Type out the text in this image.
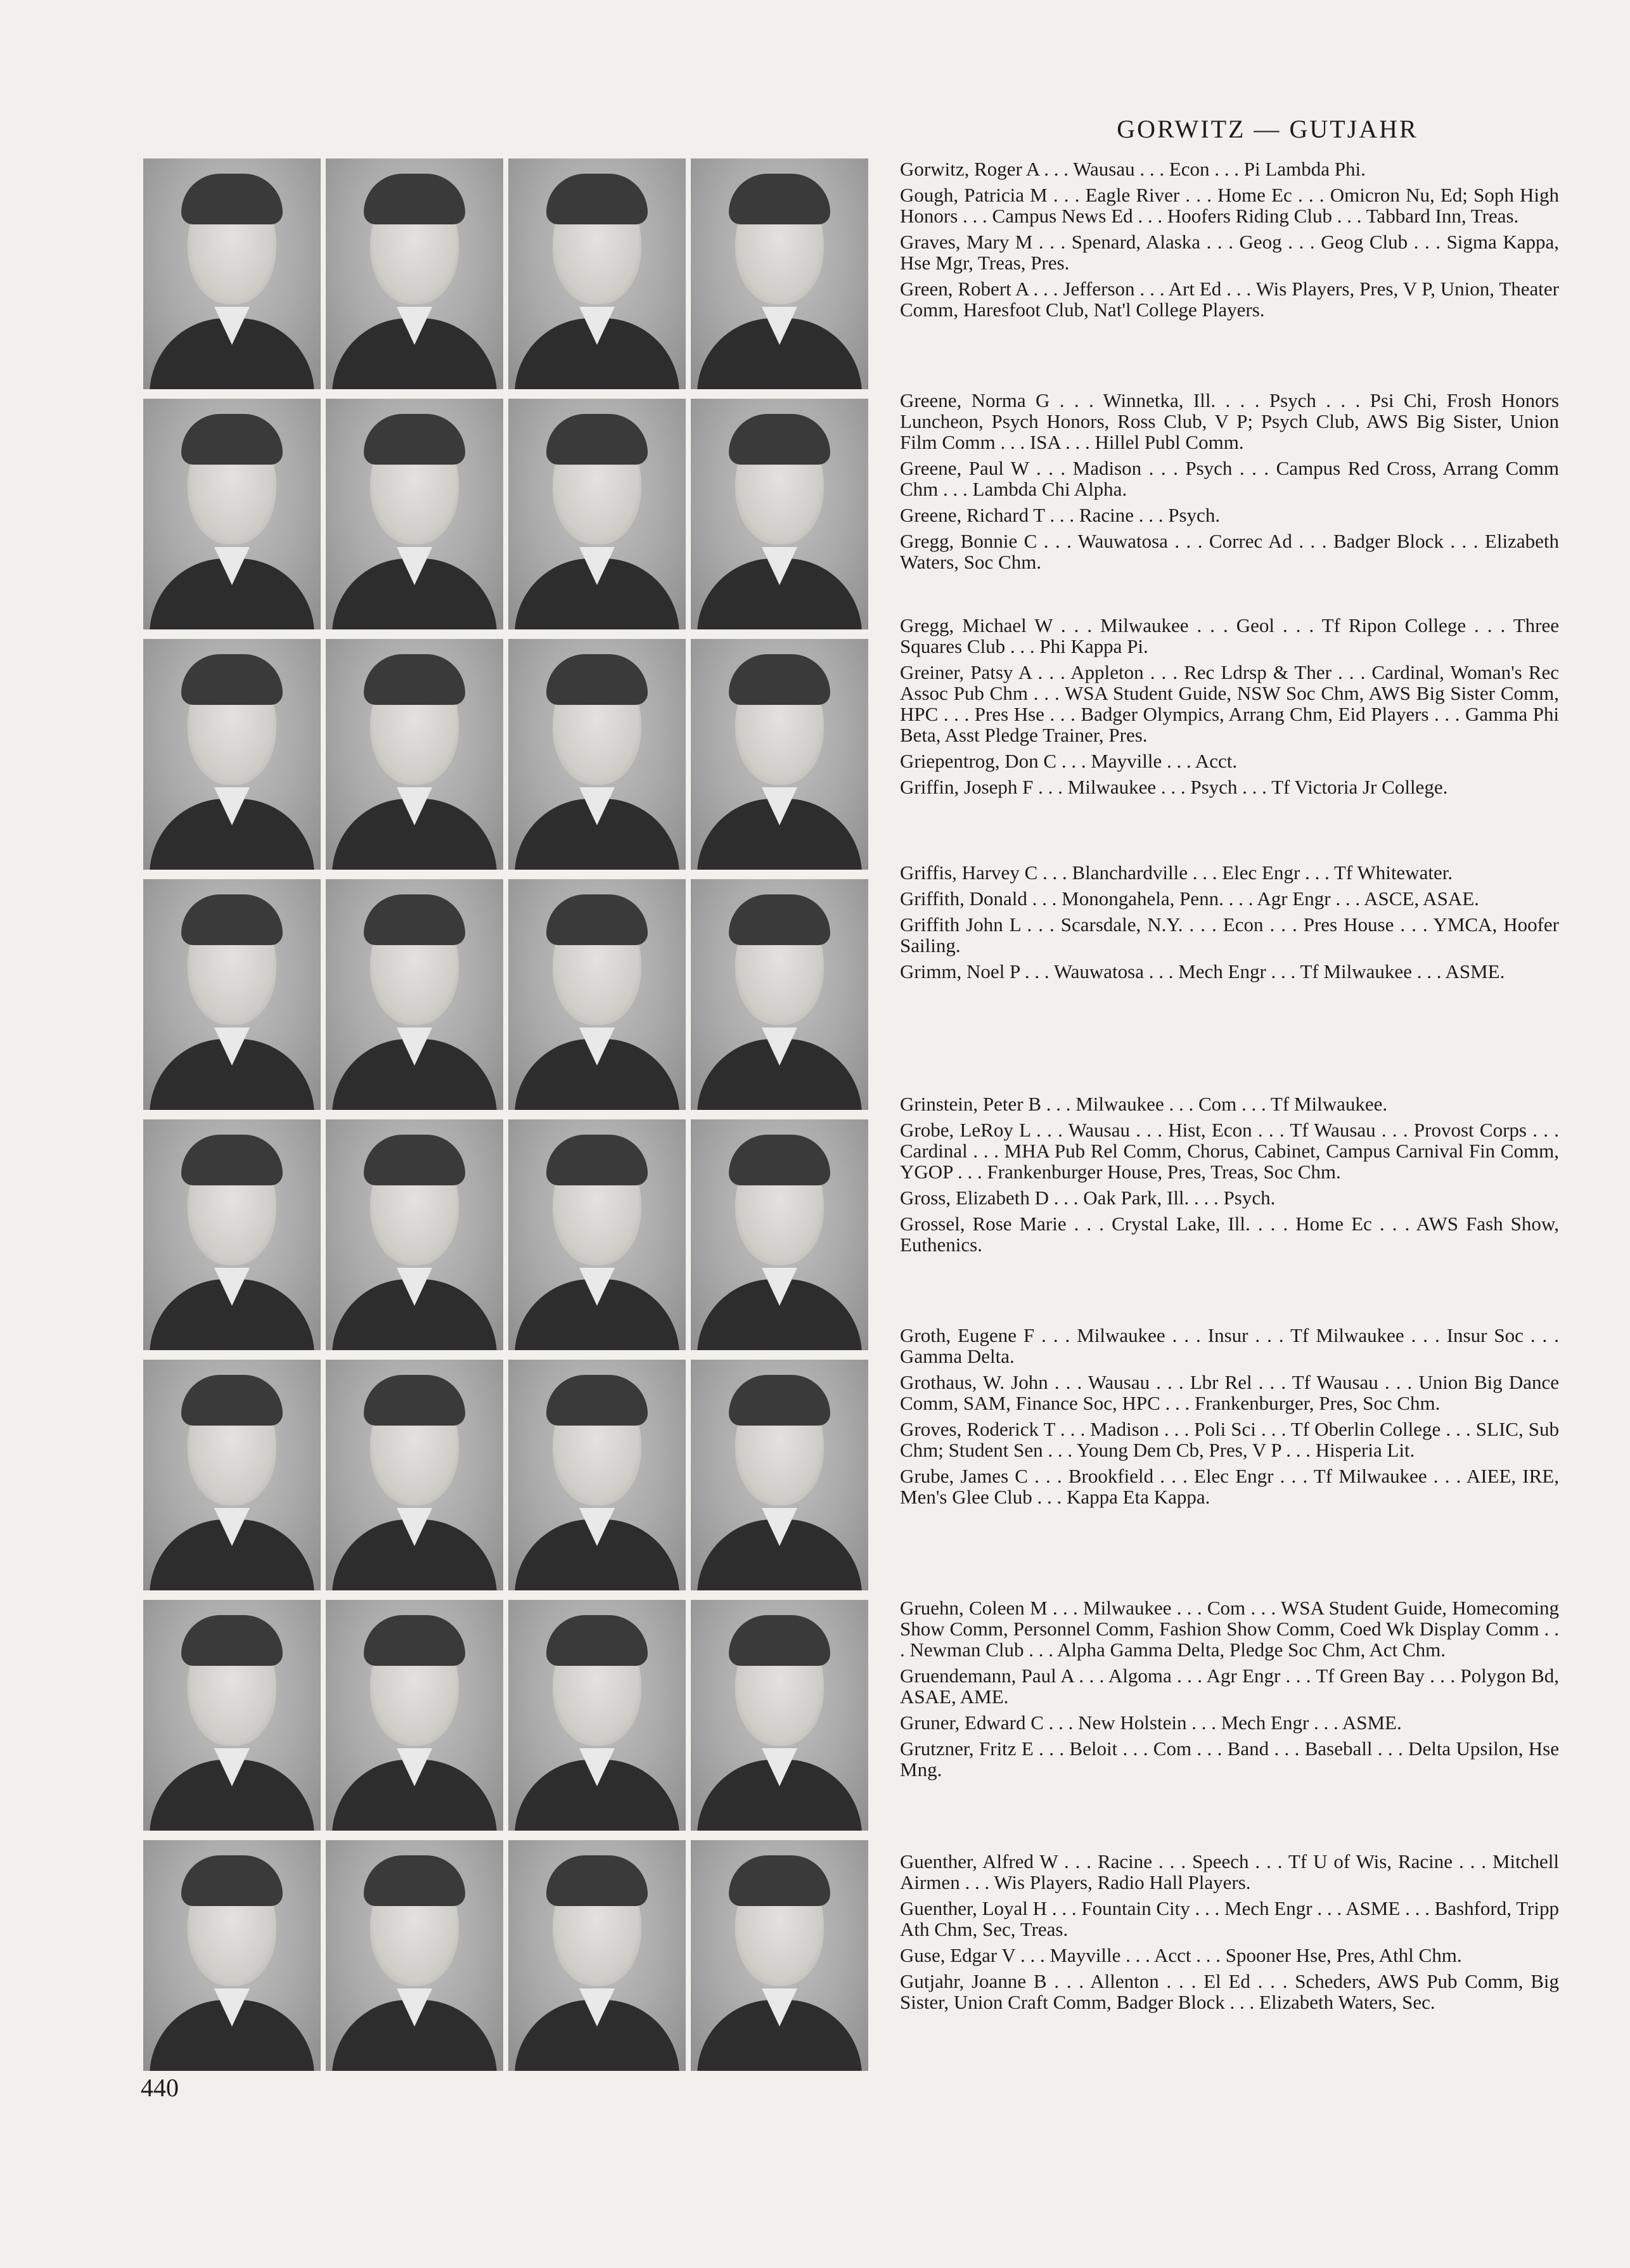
GORWITZ — GUTJAHR

Gorwitz, Roger A . . . Wausau . . . Econ . . . Pi Lambda Phi.

Gough, Patricia M . . . Eagle River . . . Home Ec . . . Omicron Nu, Ed; Soph High Honors . . . Campus News Ed . . . Hoofers Riding Club . . . Tabbard Inn, Treas.

Graves, Mary M . . . Spenard, Alaska . . . Geog . . . Geog Club . . . Sigma Kappa, Hse Mgr, Treas, Pres.

Green, Robert A . . . Jefferson . . . Art Ed . . . Wis Players, Pres, V P, Union, Theater Comm, Haresfoot Club, Nat'l College Players.

Greene, Norma G . . . Winnetka, Ill. . . . Psych . . . Psi Chi, Frosh Honors Luncheon, Psych Honors, Ross Club, V P; Psych Club, AWS Big Sister, Union Film Comm . . . ISA . . . Hillel Publ Comm.

Greene, Paul W . . . Madison . . . Psych . . . Campus Red Cross, Arrang Comm Chm . . . Lambda Chi Alpha.

Greene, Richard T . . . Racine . . . Psych.

Gregg, Bonnie C . . . Wauwatosa . . . Correc Ad . . . Badger Block . . . Elizabeth Waters, Soc Chm.

Gregg, Michael W . . . Milwaukee . . . Geol . . . Tf Ripon College . . . Three Squares Club . . . Phi Kappa Pi.

Greiner, Patsy A . . . Appleton . . . Rec Ldrsp & Ther . . . Cardinal, Woman's Rec Assoc Pub Chm . . . WSA Student Guide, NSW Soc Chm, AWS Big Sister Comm, HPC . . . Pres Hse . . . Badger Olympics, Arrang Chm, Eid Players . . . Gamma Phi Beta, Asst Pledge Trainer, Pres.

Griepentrog, Don C . . . Mayville . . . Acct.

Griffin, Joseph F . . . Milwaukee . . . Psych . . . Tf Victoria Jr College.

Griffis, Harvey C . . . Blanchardville . . . Elec Engr . . . Tf Whitewater.

Griffith, Donald . . . Monongahela, Penn. . . . Agr Engr . . . ASCE, ASAE.

Griffith John L . . . Scarsdale, N.Y. . . . Econ . . . Pres House . . . YMCA, Hoofer Sailing.

Grimm, Noel P . . . Wauwatosa . . . Mech Engr . . . Tf Milwaukee . . . ASME.

Grinstein, Peter B . . . Milwaukee . . . Com . . . Tf Milwaukee.

Grobe, LeRoy L . . . Wausau . . . Hist, Econ . . . Tf Wausau . . . Provost Corps . . . Cardinal . . . MHA Pub Rel Comm, Chorus, Cabinet, Campus Carnival Fin Comm, YGOP . . . Frankenburger House, Pres, Treas, Soc Chm.

Gross, Elizabeth D . . . Oak Park, Ill. . . . Psych.

Grossel, Rose Marie . . . Crystal Lake, Ill. . . . Home Ec . . . AWS Fash Show, Euthenics.

Groth, Eugene F . . . Milwaukee . . . Insur . . . Tf Milwaukee . . . Insur Soc . . . Gamma Delta.

Grothaus, W. John . . . Wausau . . . Lbr Rel . . . Tf Wausau . . . Union Big Dance Comm, SAM, Finance Soc, HPC . . . Frankenburger, Pres, Soc Chm.

Groves, Roderick T . . . Madison . . . Poli Sci . . . Tf Oberlin College . . . SLIC, Sub Chm; Student Sen . . . Young Dem Cb, Pres, V P . . . Hisperia Lit.

Grube, James C . . . Brookfield . . . Elec Engr . . . Tf Milwaukee . . . AIEE, IRE, Men's Glee Club . . . Kappa Eta Kappa.

Gruehn, Coleen M . . . Milwaukee . . . Com . . . WSA Student Guide, Homecoming Show Comm, Personnel Comm, Fashion Show Comm, Coed Wk Display Comm . . . Newman Club . . . Alpha Gamma Delta, Pledge Soc Chm, Act Chm.

Gruendemann, Paul A . . . Algoma . . . Agr Engr . . . Tf Green Bay . . . Polygon Bd, ASAE, AME.

Gruner, Edward C . . . New Holstein . . . Mech Engr . . . ASME.

Grutzner, Fritz E . . . Beloit . . . Com . . . Band . . . Baseball . . . Delta Upsilon, Hse Mng.

Guenther, Alfred W . . . Racine . . . Speech . . . Tf U of Wis, Racine . . . Mitchell Airmen . . . Wis Players, Radio Hall Players.

Guenther, Loyal H . . . Fountain City . . . Mech Engr . . . ASME . . . Bashford, Tripp Ath Chm, Sec, Treas.

Guse, Edgar V . . . Mayville . . . Acct . . . Spooner Hse, Pres, Athl Chm.

Gutjahr, Joanne B . . . Allenton . . . El Ed . . . Scheders, AWS Pub Comm, Big Sister, Union Craft Comm, Badger Block . . . Elizabeth Waters, Sec.

440
